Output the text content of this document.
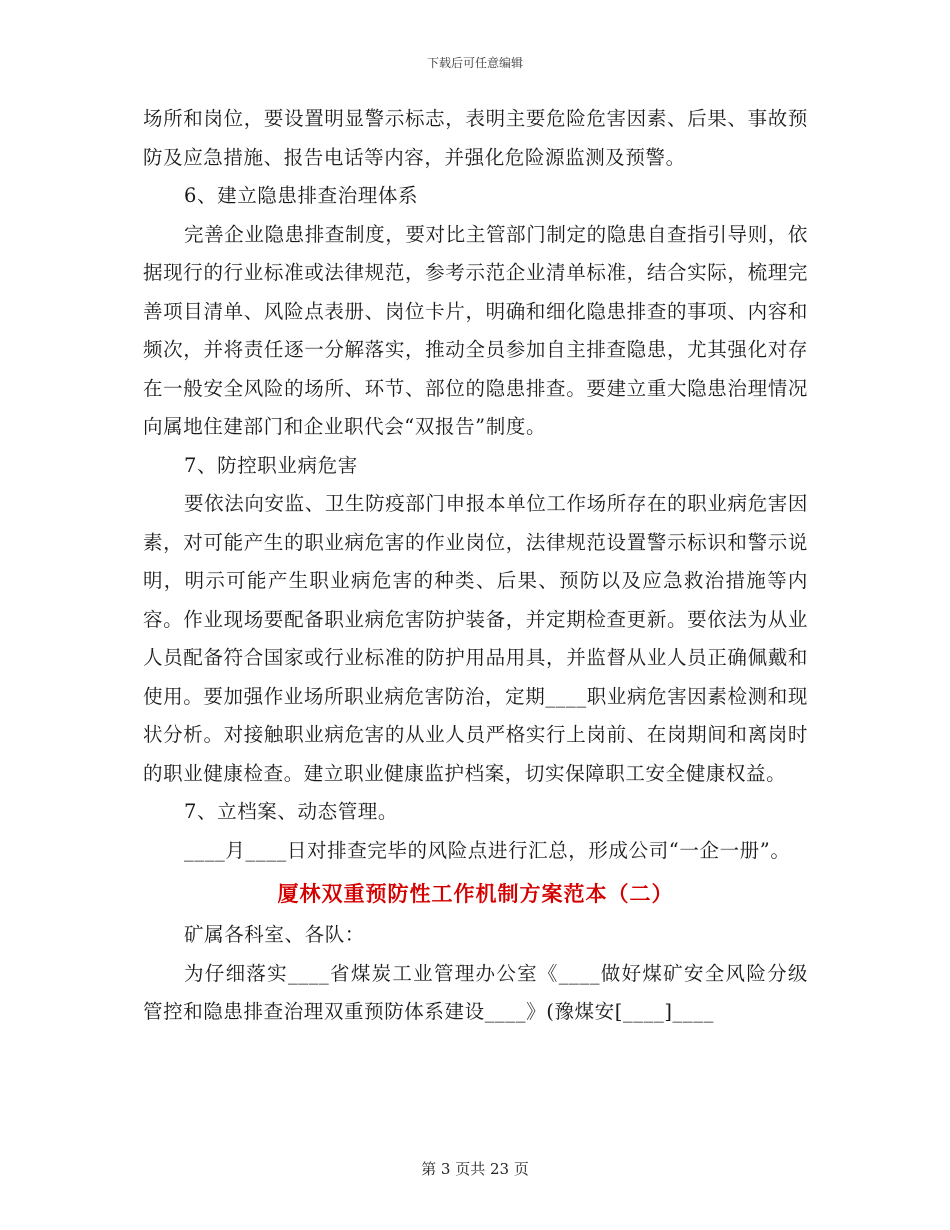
下载后可任意编辑

场所和岗位，要设置明显警示标志，表明主要危险危害因素、后果、事故预防及应急措施、报告电话等内容，并强化危险源监测及预警。

6、建立隐患排查治理体系

完善企业隐患排查制度，要对比主管部门制定的隐患自查指引导则，依据现行的行业标准或法律规范，参考示范企业清单标准，结合实际，梳理完善项目清单、风险点表册、岗位卡片，明确和细化隐患排查的事项、内容和频次，并将责任逐一分解落实，推动全员参加自主排查隐患，尤其强化对存在一般安全风险的场所、环节、部位的隐患排查。要建立重大隐患治理情况向属地住建部门和企业职代会“双报告”制度。

7、防控职业病危害

要依法向安监、卫生防疫部门申报本单位工作场所存在的职业病危害因素，对可能产生的职业病危害的作业岗位，法律规范设置警示标识和警示说明，明示可能产生职业病危害的种类、后果、预防以及应急救治措施等内容。作业现场要配备职业病危害防护装备，并定期检查更新。要依法为从业人员配备符合国家或行业标准的防护用品用具，并监督从业人员正确佩戴和使用。要加强作业场所职业病危害防治，定期____职业病危害因素检测和现状分析。对接触职业病危害的从业人员严格实行上岗前、在岗期间和离岗时的职业健康检查。建立职业健康监护档案，切实保障职工安全健康权益。

7、立档案、动态管理。

____月____日对排查完毕的风险点进行汇总，形成公司“一企一册”。

厦林双重预防性工作机制方案范本（二）

矿属各科室、各队：

为仔细落实____省煤炭工业管理办公室《____做好煤矿安全风险分级管控和隐患排查治理双重预防体系建设____》(豫煤安[____]____

第 3 页共 23 页
